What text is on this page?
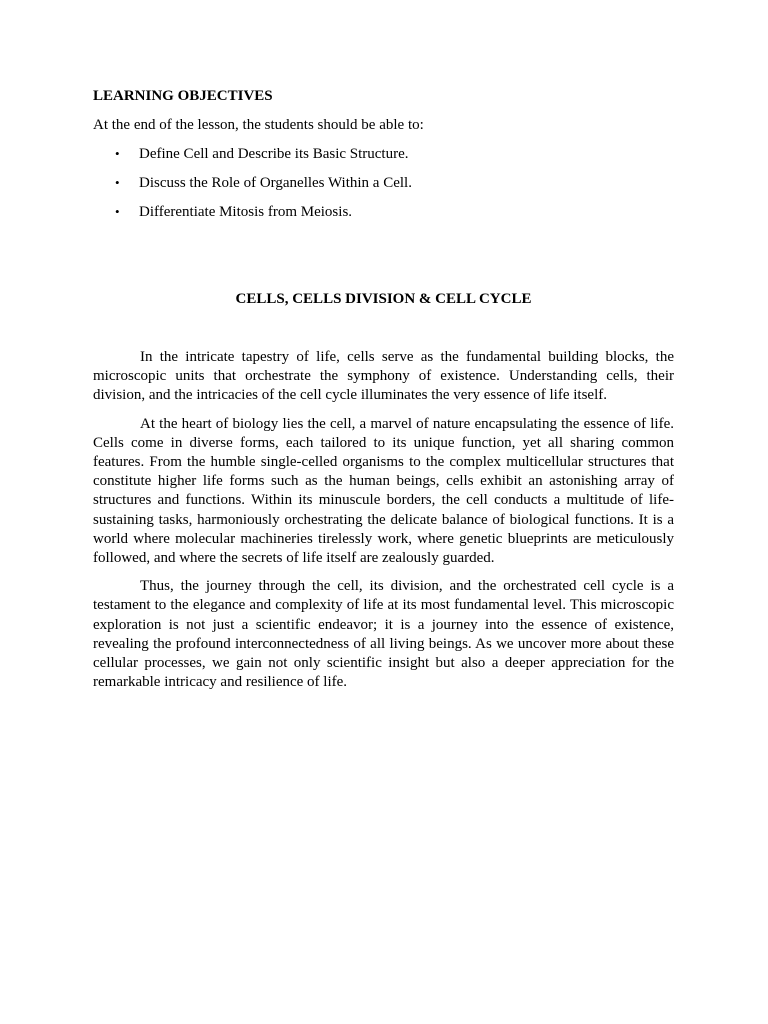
LEARNING OBJECTIVES

At the end of the lesson, the students should be able to:

• Define Cell and Describe its Basic Structure.
• Discuss the Role of Organelles Within a Cell.
• Differentiate Mitosis from Meiosis.
CELLS, CELLS DIVISION & CELL CYCLE

In the intricate tapestry of life, cells serve as the fundamental building blocks, the microscopic units that orchestrate the symphony of existence. Understanding cells, their division, and the intricacies of the cell cycle illuminates the very essence of life itself.

At the heart of biology lies the cell, a marvel of nature encapsulating the essence of life. Cells come in diverse forms, each tailored to its unique function, yet all sharing common features. From the humble single-celled organisms to the complex multicellular structures that constitute higher life forms such as the human beings, cells exhibit an astonishing array of structures and functions. Within its minuscule borders, the cell conducts a multitude of life-sustaining tasks, harmoniously orchestrating the delicate balance of biological functions. It is a world where molecular machineries tirelessly work, where genetic blueprints are meticulously followed, and where the secrets of life itself are zealously guarded.

Thus, the journey through the cell, its division, and the orchestrated cell cycle is a testament to the elegance and complexity of life at its most fundamental level. This microscopic exploration is not just a scientific endeavor; it is a journey into the essence of existence, revealing the profound interconnectedness of all living beings. As we uncover more about these cellular processes, we gain not only scientific insight but also a deeper appreciation for the remarkable intricacy and resilience of life.
